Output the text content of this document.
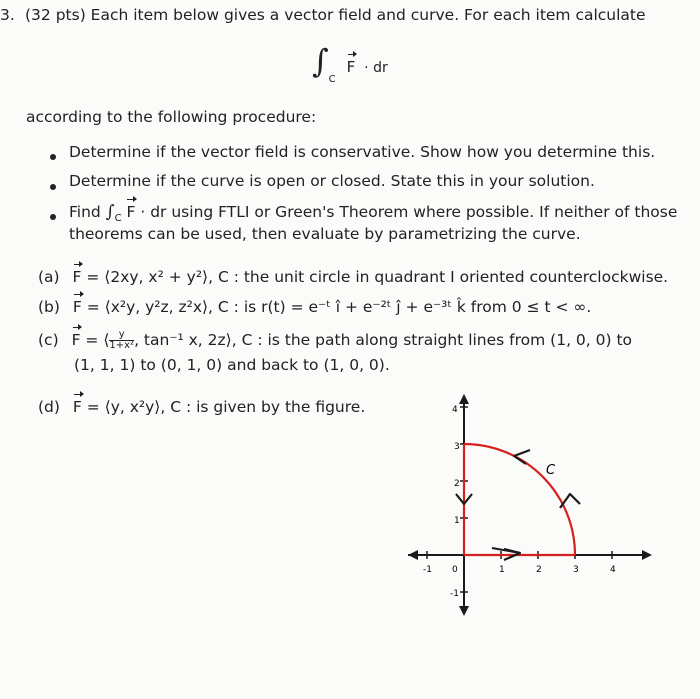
3. (32 pts) Each item below gives a vector field and curve. For each item calculate
$\int_C$ F · dr
according to the following procedure:
Determine if the vector field is conservative. Show how you determine this.
Determine if the curve is open or closed. State this in your solution.
Find $\int_C$ F · dr using FTLI or Green's Theorem where possible. If neither of those
theorems can be used, then evaluate by parametrizing the curve.
(a) F = ⟨2xy, x² + y²⟩, C : the unit circle in quadrant I oriented counterclockwise.
(b) F = ⟨x²y, y²z, z²x⟩, C : is r(t) = e⁻ᵗ î + e⁻²ᵗ ĵ + e⁻³ᵗ k̂ from 0 ≤ t < ∞.
(c) F = ⟨ $\frac{y}{\text{1+x²}}$ , tan⁻¹ x, 2z⟩, C : is the path along straight lines from (1, 0, 0) to
(1, 1, 1) to (0, 1, 0) and back to (1, 0, 0).
(d) F = ⟨y, x²y⟩, C : is given by the figure.
-1 0	1	2	3	4
4
3
2
1
-1
C
